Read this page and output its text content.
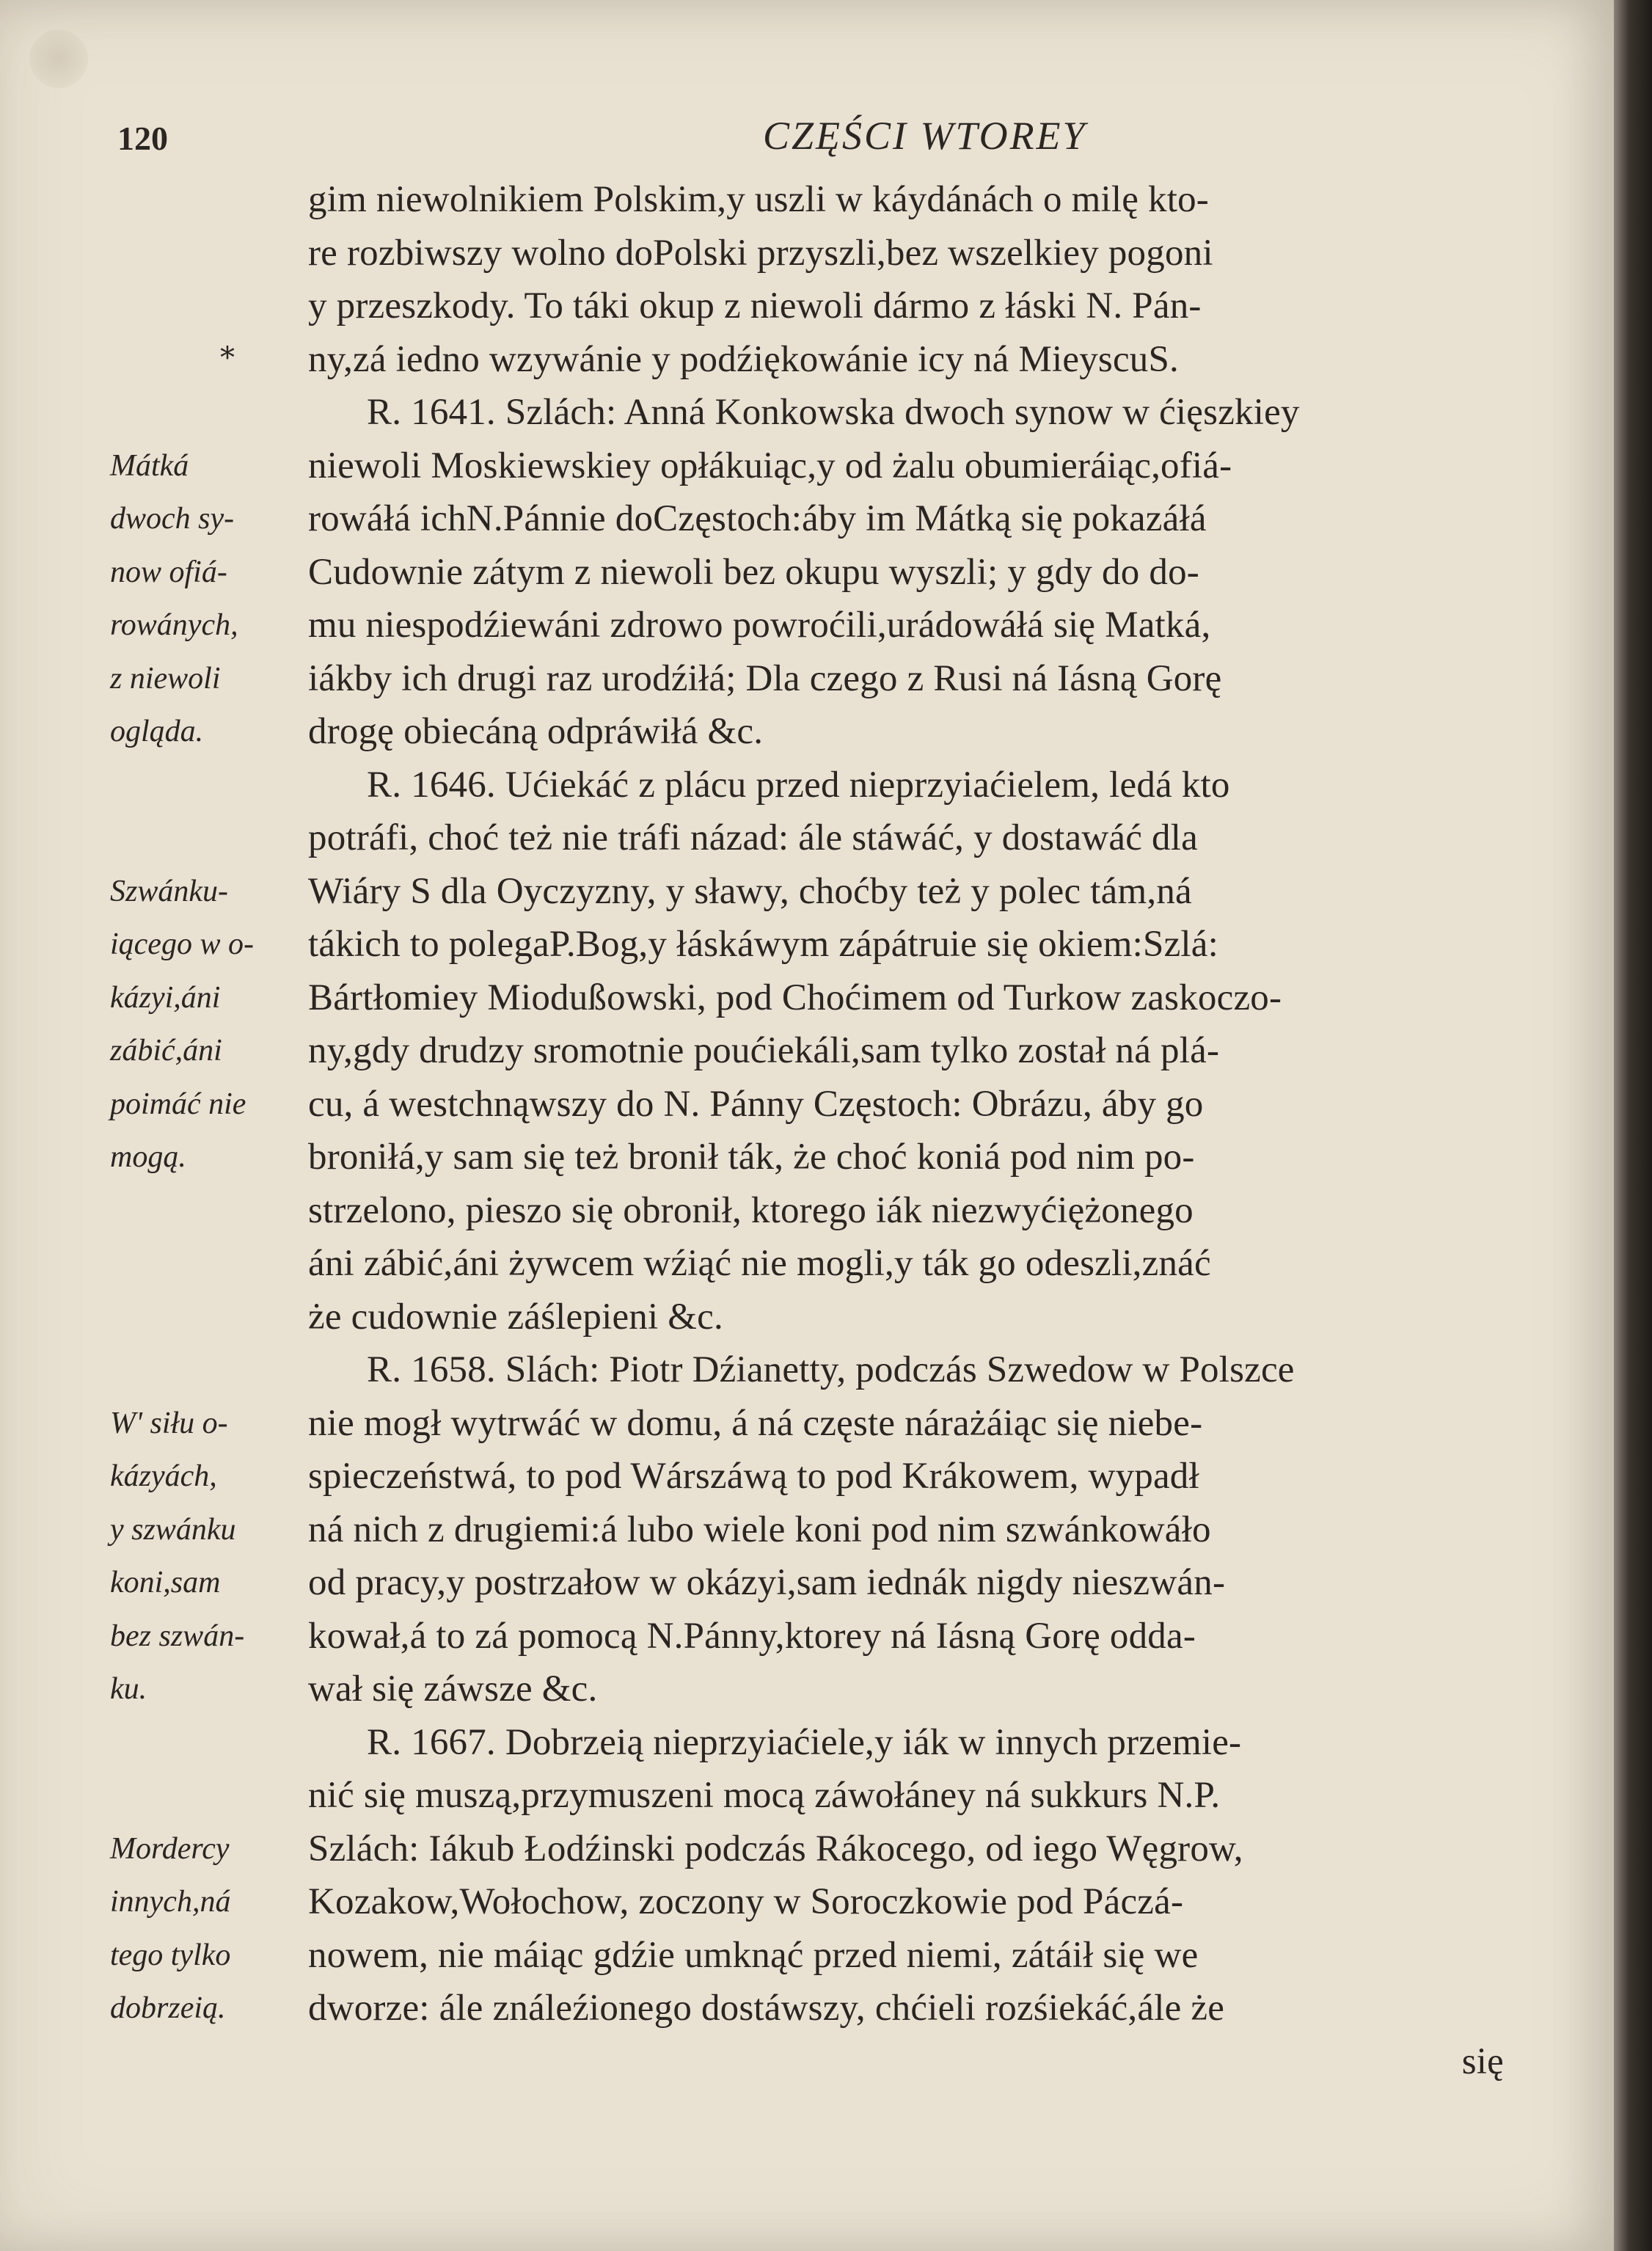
120	CZĘŚCI WTOREY
*
gim niewolnikiem Polskim,y uszli w káydánách o milę kto-
re rozbiwszy wolno doPolski przyszli,bez wszelkiey pogoni
y przeszkody. To táki okup z niewoli dármo z łáski N. Pán-
ny,zá iedno wzywánie y podźiękowánie icy ná MieyscuS.
R. 1641. Szlách: Anná Konkowska dwoch synow w ćięszkiey
niewoli Moskiewskiey opłákuiąc,y od żalu obumieráiąc,ofiá-
rowáłá ichN.Pánnie doCzęstoch:áby im Mátką się pokazáłá
Cudownie zátym z niewoli bez okupu wyszli; y gdy do do-
mu niespodźiewáni zdrowo powroćili,urádowáłá się Matká,
iákby ich drugi raz urodźiłá; Dla czego z Rusi ná Iásną Gorę
drogę obiecáną odpráwiłá &c.
R. 1646. Ućiekáć z plácu przed nieprzyiaćielem, ledá kto
potráfi, choć też nie tráfi názad: ále stáwáć, y dostawáć dla
Wiáry S dla Oyczyzny, y sławy, choćby też y polec tám,ná
tákich to polegaP.Bog,y łáskáwym zápátruie się okiem:Szlá:
Bártłomiey Miodußowski, pod Choćimem od Turkow zaskoczo-
ny,gdy drudzy sromotnie poućiekáli,sam tylko został ná plá-
cu, á westchnąwszy do N. Pánny Częstoch: Obrázu, áby go
broniłá,y sam się też bronił ták, że choć koniá pod nim po-
strzelono, pieszo się obronił, ktorego iák niezwyćiężonego
áni zábić,áni żywcem wźiąć nie mogli,y ták go odeszli,znáć
że cudownie záślepieni &c.
R. 1658. Slách: Piotr Dźianetty, podczás Szwedow w Polszce
nie mogł wytrwáć w domu, á ná częste nárażáiąc się niebe-
spieczeństwá, to pod Wárszáwą to pod Krákowem, wypadł
ná nich z drugiemi:á lubo wiele koni pod nim szwánkowáło
od pracy,y postrzałow w okázyi,sam iednák nigdy nieszwán-
kował,á to zá pomocą N.Pánny,ktorey ná Iásną Gorę odda-
wał się záwsze &c.
R. 1667. Dobrzeią nieprzyiaćiele,y iák w innych przemie-
nić się muszą,przymuszeni mocą záwołáney ná sukkurs N.P.
Szlách: Iákub Łodźinski podczás Rákocego, od iego Węgrow,
Kozakow,Wołochow, zoczony w Soroczkowie pod Páczá-
nowem, nie máiąc gdźie umknąć przed niemi, zátáił się we
dworze: ále ználeźionego dostáwszy, chćieli rozśiekáć,ále że
się
Mátká
dwoch sy-
now ofiá-
rowánych,
z niewoli
ogląda.
Szwánku-
iącego w o-
kázyi,áni
zábić,áni
poimáć nie
mogą.
W' siłu o-
kázyách,
y szwánku
koni,sam
bez szwán-
ku.
Mordercy
innych,ná
tego tylko
dobrzeią.
